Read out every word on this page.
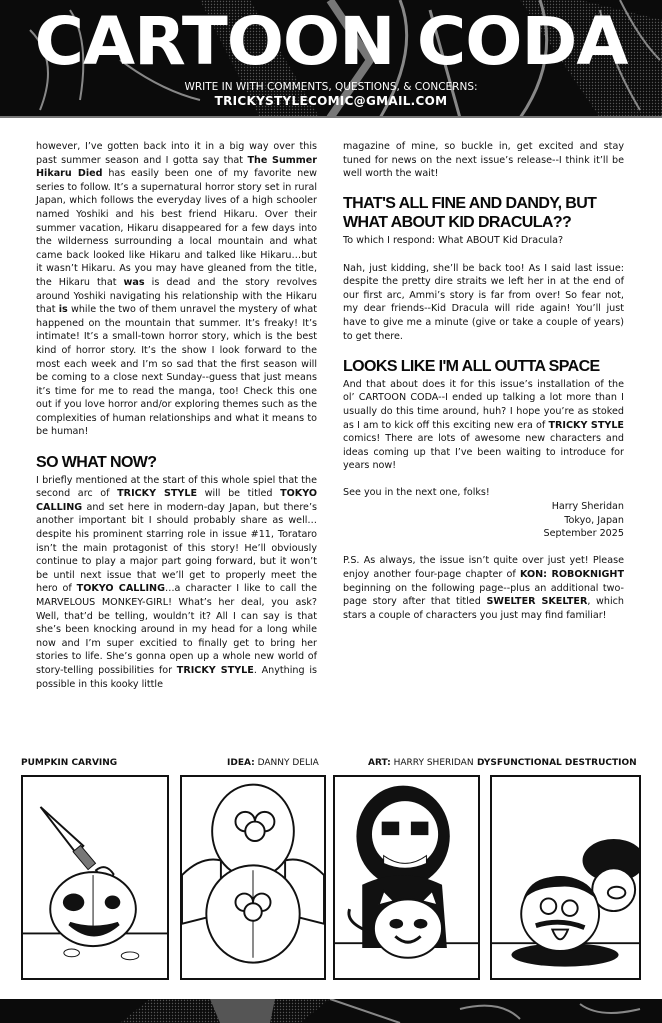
CARTOON CODA
WRITE IN WITH COMMENTS, QUESTIONS, & CONCERNS:
TRICKYSTYLECOMIC@GMAIL.COM

however, I’ve gotten back into it in a big way over this past summer season and I gotta say that The Summer Hikaru Died has easily been one of my favorite new series to follow. It’s a supernatural horror story set in rural Japan, which follows the everyday lives of a high schooler named Yoshiki and his best friend Hikaru. Over their summer vacation, Hikaru disappeared for a few days into the wilderness surrounding a local mountain and what came back looked like Hikaru and talked like Hikaru…but it wasn’t Hikaru. As you may have gleaned from the title, the Hikaru that was is dead and the story revolves around Yoshiki navigating his relationship with the Hikaru that is while the two of them unravel the mystery of what happened on the mountain that summer. It’s freaky! It’s intimate! It’s a small-town horror story, which is the best kind of horror story. It’s the show I look forward to the most each week and I’m so sad that the first season will be coming to a close next Sunday--guess that just means it’s time for me to read the manga, too! Check this one out if you love horror and/or exploring themes such as the complexities of human relationships and what it means to be human!

SO WHAT NOW?

I briefly mentioned at the start of this whole spiel that the second arc of TRICKY STYLE will be titled TOKYO CALLING and set here in modern-day Japan, but there’s another important bit I should probably share as well…despite his prominent starring role in issue #11, Torataro isn’t the main protagonist of this story! He’ll obviously continue to play a major part going forward, but it won’t be until next issue that we’ll get to properly meet the hero of TOKYO CALLING…a character I like to call the MARVELOUS MONKEY-GIRL! What’s her deal, you ask? Well, that’d be telling, wouldn’t it? All I can say is that she’s been knocking around in my head for a long while now and I’m super excitied to finally get to bring her stories to life. She’s gonna open up a whole new world of story-telling possibilities for TRICKY STYLE. Anything is possible in this kooky little

magazine of mine, so buckle in, get excited and stay tuned for news on the next issue’s release--I think it’ll be well worth the wait!

THAT'S ALL FINE AND DANDY, BUT WHAT ABOUT KID DRACULA??

To which I respond: What ABOUT Kid Dracula?

Nah, just kidding, she’ll be back too! As I said last issue: despite the pretty dire straits we left her in at the end of our first arc, Ammi’s story is far from over! So fear not, my dear friends--Kid Dracula will ride again! You’ll just have to give me a minute (give or take a couple of years) to get there.

LOOKS LIKE I'M ALL OUTTA SPACE

And that about does it for this issue’s installation of the ol’ CARTOON CODA--I ended up talking a lot more than I usually do this time around, huh? I hope you’re as stoked as I am to kick off this exciting new era of TRICKY STYLE comics! There are lots of awesome new characters and ideas coming up that I’ve been waiting to introduce for years now!

See you in the next one, folks!

Harry Sheridan
Tokyo, Japan
September 2025

P.S. As always, the issue isn’t quite over just yet! Please enjoy another four-page chapter of KON: ROBOKNIGHT beginning on the following page--plus an additional two-page story after that titled SWELTER SKELTER, which stars a couple of characters you just may find familiar!

PUMPKIN CARVING	IDEA: DANNY DELIA	ART: HARRY SHERIDAN DYSFUNCTIONAL DESTRUCTION
